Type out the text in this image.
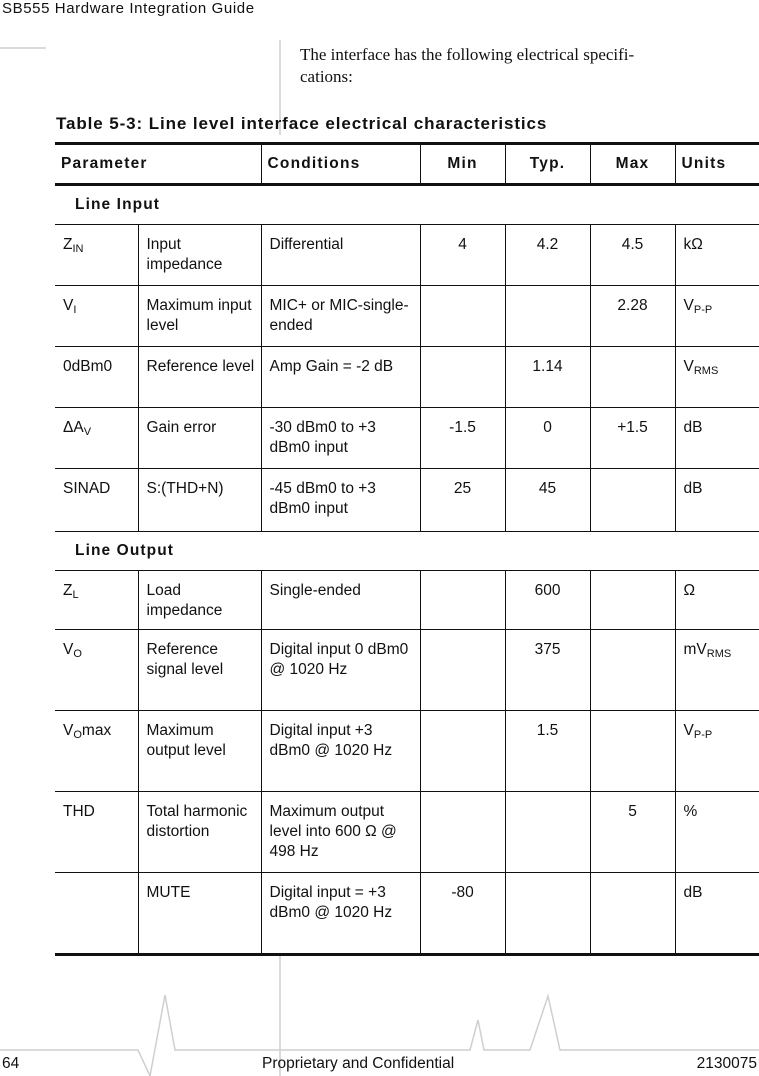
SB555 Hardware Integration Guide
The interface has the following electrical specifi-
cations:
Table 5-3: Line level interface electrical characteristics
Parameter		Conditions	Min	Typ.	Max	Units
Line Input						
$Z_{IN}$	Input impedance	Differential	4	4.2	4.5	kΩ
$V_I$	Maximum input level	MIC+ or MIC-single-ended			2.28	$V_{P-P}$
0dBm0	Reference level	Amp Gain = -2 dB		1.14		$V_{RMS}$
$\Delta A_V$	Gain error	-30 dBm0 to +3 dBm0 input	-1.5	0	+1.5	dB
SINAD	S:(THD+N)	-45 dBm0 to +3 dBm0 input	25	45		dB
Line Output						
$Z_L$	Load impedance	Single-ended		600		Ω
$V_O$	Reference signal level	Digital input 0 dBm0 @ 1020 Hz		375		$mV_{RMS}$
$V_O\max$	Maximum output level	Digital input +3 dBm0 @ 1020 Hz		1.5		$V_{P-P}$
THD	Total harmonic distortion	Maximum output level into 600 Ω @ 498 Hz			5	%
	MUTE	Digital input = +3 dBm0 @ 1020 Hz	-80			dB
64	Proprietary and Confidential	2130075
